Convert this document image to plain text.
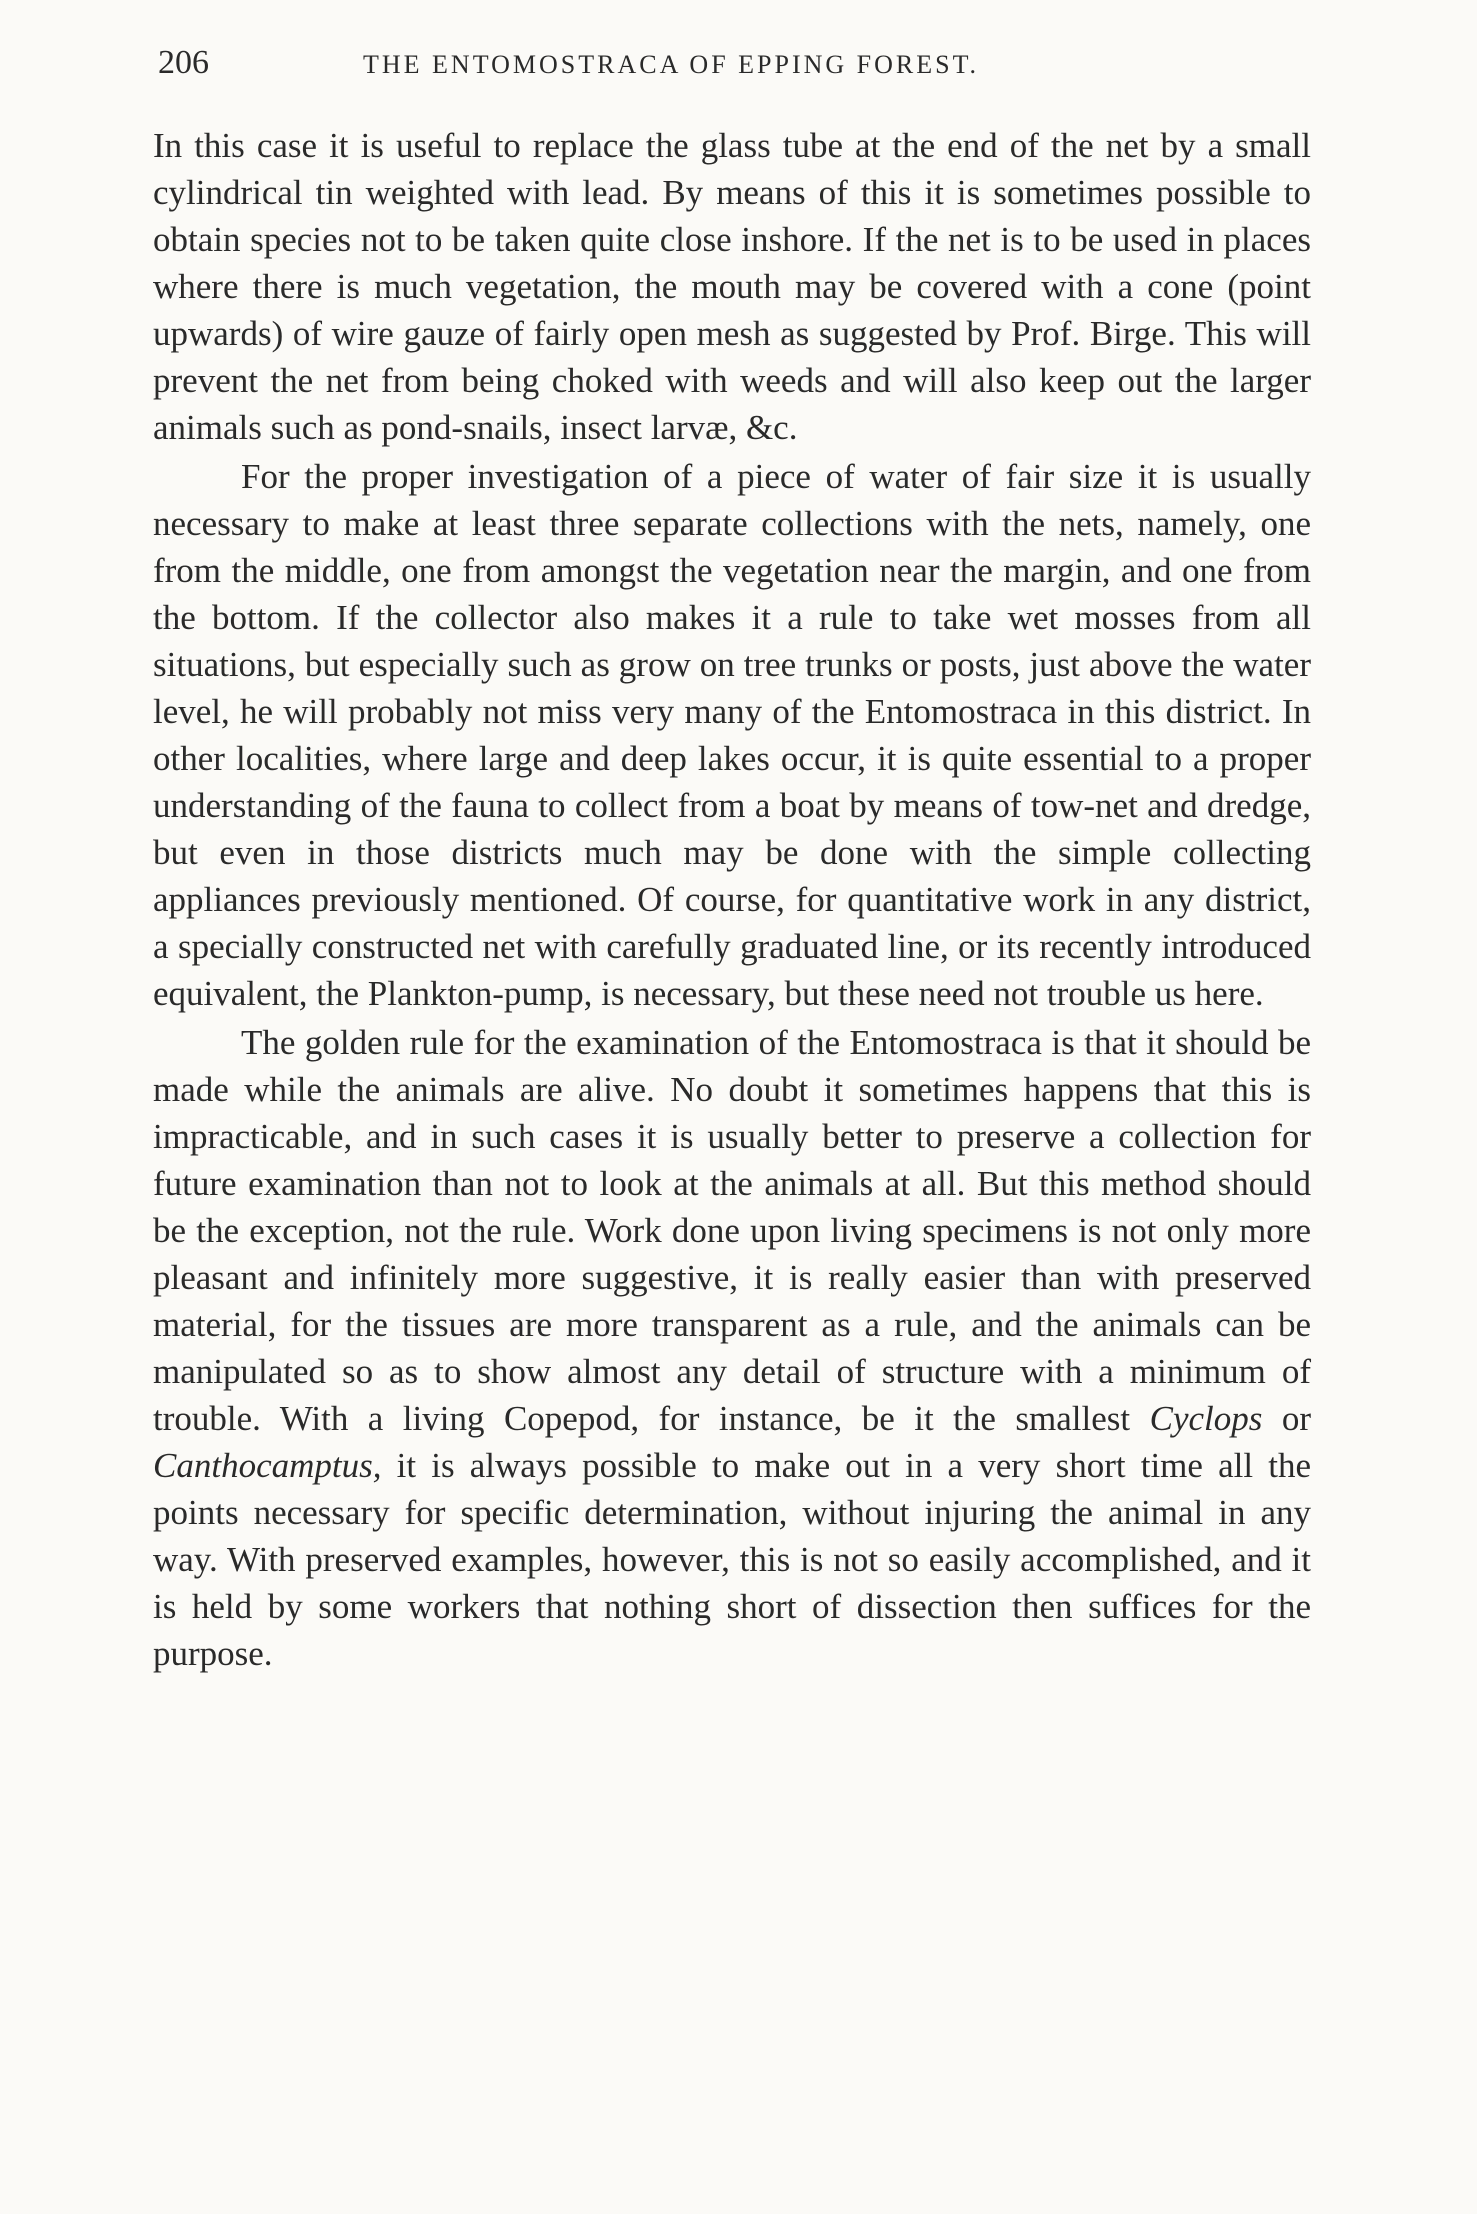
206	THE ENTOMOSTRACA OF EPPING FOREST.

In this case it is useful to replace the glass tube at the end of the net by a small cylindrical tin weighted with lead. By means of this it is sometimes possible to obtain species not to be taken quite close inshore. If the net is to be used in places where there is much vegetation, the mouth may be covered with a cone (point upwards) of wire gauze of fairly open mesh as suggested by Prof. Birge. This will prevent the net from being choked with weeds and will also keep out the larger animals such as pond-snails, insect larvæ, &c.

For the proper investigation of a piece of water of fair size it is usually necessary to make at least three separate collections with the nets, namely, one from the middle, one from amongst the vegetation near the margin, and one from the bottom. If the collector also makes it a rule to take wet mosses from all situations, but especially such as grow on tree trunks or posts, just above the water level, he will probably not miss very many of the Entomostraca in this district. In other localities, where large and deep lakes occur, it is quite essential to a proper understanding of the fauna to collect from a boat by means of tow-net and dredge, but even in those districts much may be done with the simple collecting appliances previously mentioned. Of course, for quantitative work in any district, a specially constructed net with carefully graduated line, or its recently introduced equivalent, the Plankton-pump, is necessary, but these need not trouble us here.

The golden rule for the examination of the Entomostraca is that it should be made while the animals are alive. No doubt it sometimes happens that this is impracticable, and in such cases it is usually better to preserve a collection for future examination than not to look at the animals at all. But this method should be the exception, not the rule. Work done upon living specimens is not only more pleasant and infinitely more suggestive, it is really easier than with preserved material, for the tissues are more transparent as a rule, and the animals can be manipulated so as to show almost any detail of structure with a minimum of trouble. With a living Copepod, for instance, be it the smallest Cyclops or Canthocamptus, it is always possible to make out in a very short time all the points necessary for specific determination, without injuring the animal in any way. With preserved examples, however, this is not so easily accomplished, and it is held by some workers that nothing short of dissection then suffices for the purpose.
